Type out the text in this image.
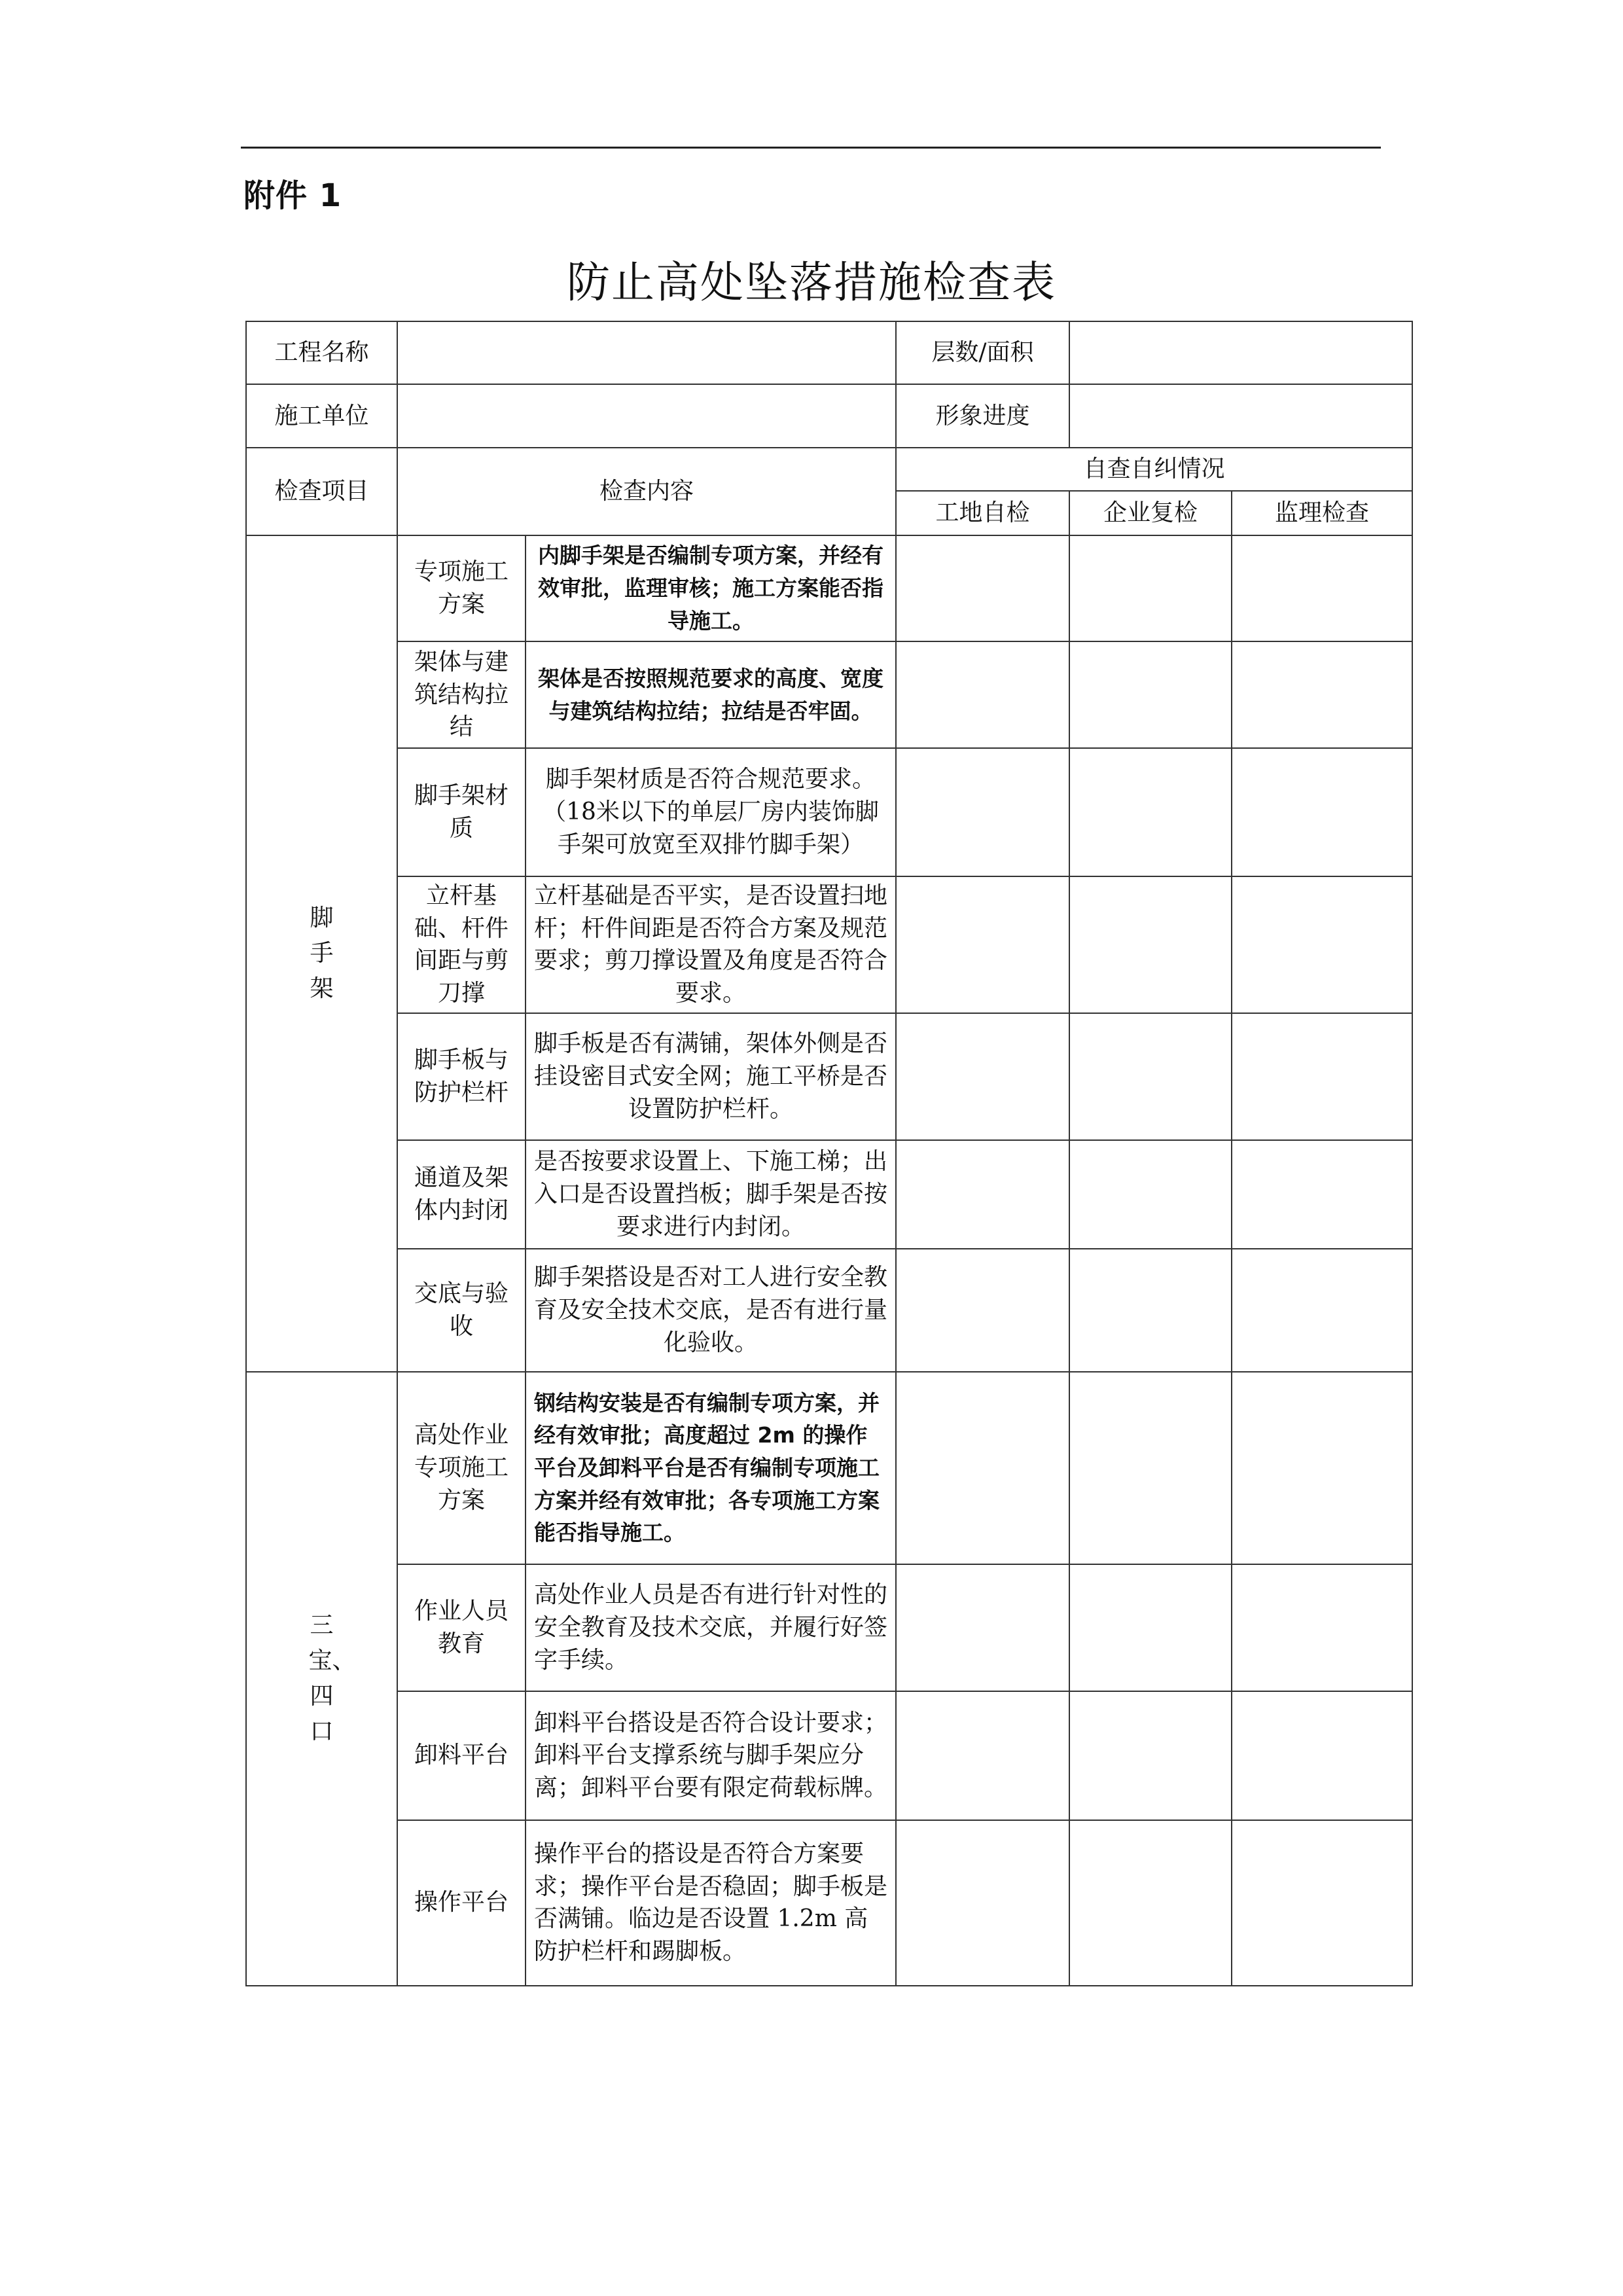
附件 1
防止高处坠落措施检查表
工程名称			层数/面积		
施工单位			形象进度		
检查项目	检查内容		自查自纠情况		
			工地自检	企业复检	监理检查
脚手架	专项施工方案	内脚手架是否编制专项方案，并经有效审批，监理审核；施工方案能否指导施工。			
	架体与建筑结构拉结	架体是否按照规范要求的高度、宽度与建筑结构拉结；拉结是否牢固。			
	脚手架材质	脚手架材质是否符合规范要求。（18米以下的单层厂房内装饰脚手架可放宽至双排竹脚手架）			
	立杆基础、杆件间距与剪刀撑	立杆基础是否平实，是否设置扫地杆；杆件间距是否符合方案及规范要求；剪刀撑设置及角度是否符合要求。			
	脚手板与防护栏杆	脚手板是否有满铺，架体外侧是否挂设密目式安全网；施工平桥是否设置防护栏杆。			
	通道及架体内封闭	是否按要求设置上、下施工梯；出入口是否设置挡板；脚手架是否按要求进行内封闭。			
	交底与验收	脚手架搭设是否对工人进行安全教育及安全技术交底，是否有进行量化验收。			
三宝、四口	高处作业专项施工方案	钢结构安装是否有编制专项方案，并经有效审批；高度超过 2m 的操作平台及卸料平台是否有编制专项施工方案并经有效审批；各专项施工方案能否指导施工。			
	作业人员教育	高处作业人员是否有进行针对性的安全教育及技术交底，并履行好签字手续。			
	卸料平台	卸料平台搭设是否符合设计要求；卸料平台支撑系统与脚手架应分离；卸料平台要有限定荷载标牌。			
	操作平台	操作平台的搭设是否符合方案要求；操作平台是否稳固；脚手板是否满铺。临边是否设置 1.2m 高防护栏杆和踢脚板。			
